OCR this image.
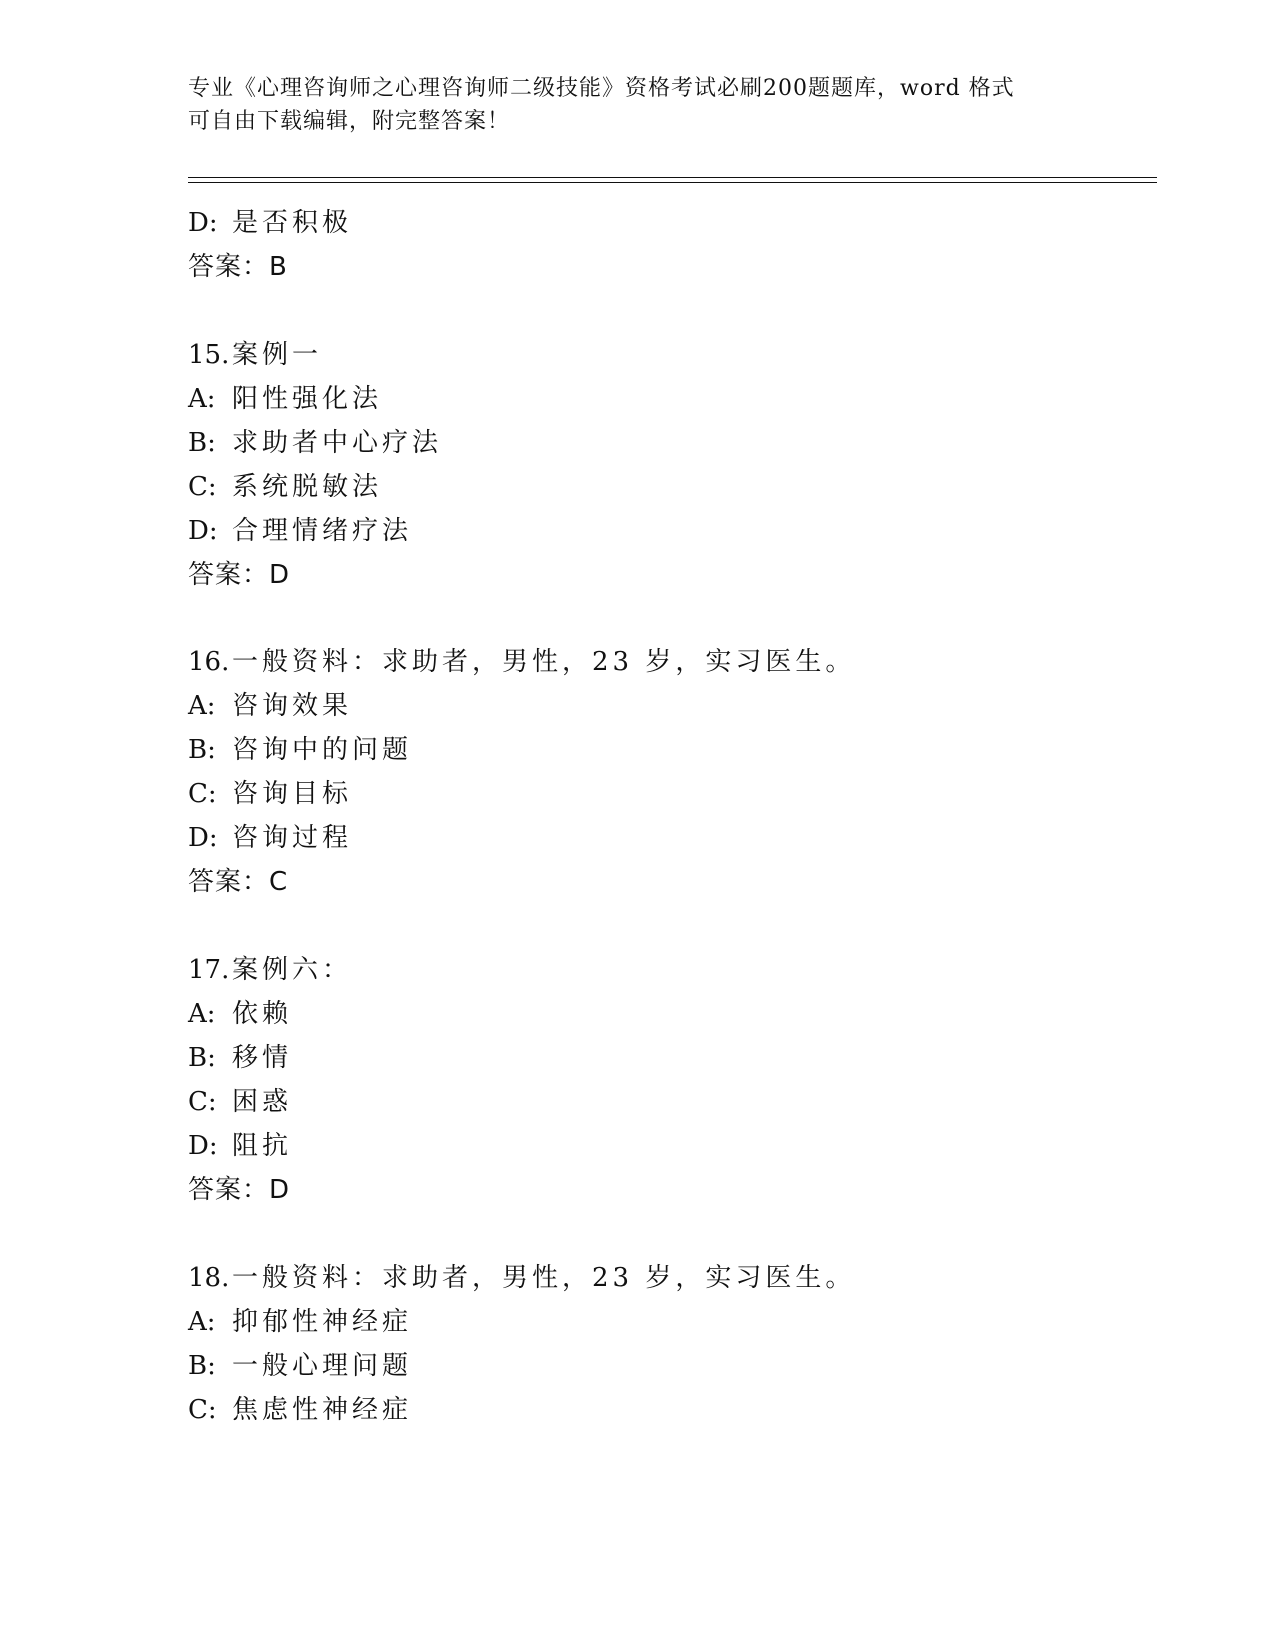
专业《心理咨询师之心理咨询师二级技能》资格考试必刷200题题库，word 格式
可自由下载编辑，附完整答案！
D: 是否积极
答案：B
15. 案例一
A: 阳性强化法
B: 求助者中心疗法
C: 系统脱敏法
D: 合理情绪疗法
答案：D
16. 一般资料：求助者，男性，23 岁，实习医生。
A: 咨询效果
B: 咨询中的问题
C: 咨询目标
D: 咨询过程
答案：C
17. 案例六：
A: 依赖
B: 移情
C: 困惑
D: 阻抗
答案：D
18. 一般资料：求助者，男性，23 岁，实习医生。
A: 抑郁性神经症
B: 一般心理问题
C: 焦虑性神经症
